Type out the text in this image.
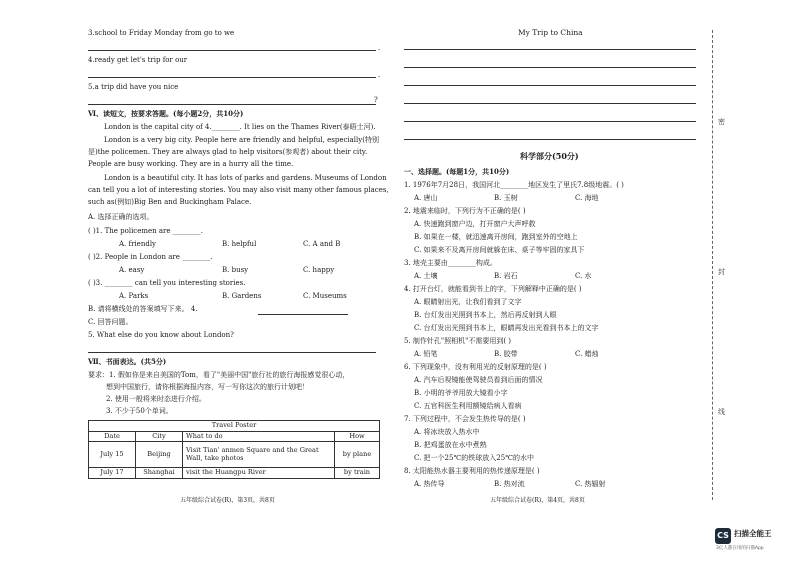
3.school to Friday Monday from go to we
.
4.ready get let's trip for our
.
5.a trip did have you nice
?
Ⅵ、读短文，按要求答题。(每小题2分，共10分)
London is the capital city of 4.________. It lies on the Thames River(泰晤士河).
London is a very big city. People here are friendly and helpful, especially(特别
是)the policemen. They are always glad to help visitors(参观者) about their city.
People are busy working. They are in a hurry all the time.
London is a beautiful city. It has lots of parks and gardens. Museums of London
can tell you a lot of interesting stories. You may also visit many other famous places,
such as(例如)Big Ben and Buckingham Palace.
A. 选择正确的选项。
( )1. The policemen are ________.
A. friendly	B. helpful	C. A and B
( )2. People in London are ________.
A. easy	B. busy	C. happy
( )3. ________ can tell you interesting stories.
A. Parks	B. Gardens	C. Museums
B. 请将横线处的答案填写下来。 4.
C. 回答问题。
5. What else do you know about London?
Ⅶ、书面表达。(共5分)
要求：1. 假如你是来自美国的Tom，看了"美丽中国"旅行社的旅行海报感觉很心动，
想到中国旅行，请你根据海报内容，写一写你这次的旅行计划吧！
2. 使用一般将来时态进行介绍。
3. 不少于50个单词。
Travel Poster			
Date	City	What to do	How
July 15	Beijing	Visit Tian' anmen Square and the Great Wall, take photos	by plane
July 17	Shanghai	visit the Huangpu River	by train
五年级综合试卷(R)，第3页，共8页
My Trip to China
科学部分(50分)
一、选择题。(每题1分，共10分)
1. 1976年7月28日，我国河北________地区发生了里氏7.8级地震。( )
A. 唐山	B. 玉树	C. 海地
2. 地震来临时，下列行为不正确的是( )
A. 快速跑到窗户边，打开窗户大声呼救
B. 如果在一楼，就迅速离开房间，跑到室外的空地上
C. 如果来不及离开房间就躲在床、桌子等牢固的家具下
3. 地壳主要由________构成。
A. 土壤	B. 岩石	C. 水
4. 打开台灯，就能看到书上的字，下列解释中正确的是( )
A. 眼睛射出光，让我们看到了文字
B. 台灯发出光照到书本上，然后再反射到人眼
C. 台灯发出光照到书本上，眼睛再发出光看到书本上的文字
5. 制作针孔"照相机"不需要用到( )
A. 铅笔	B. 胶带	C. 蜡烛
6. 下列现象中，没有利用光的反射原理的是( )
A. 汽车后视镜能使驾驶员看到后面的情况
B. 小明的爷爷用放大镜看小字
C. 五官科医生利用额镜给病人看病
7. 下列过程中，不会发生热传导的是( )
A. 将冰块放入热水中
B. 把鸡蛋放在水中煮熟
C. 把一个25℃的铁球放入25℃的水中
8. 太阳能热水器主要利用的热传递原理是( )
A. 热传导	B. 热对流	C. 热辐射
五年级综合试卷(R)，第4页，共8页
密
封
线
CS 扫描全能王
3亿人都在用的扫描App
